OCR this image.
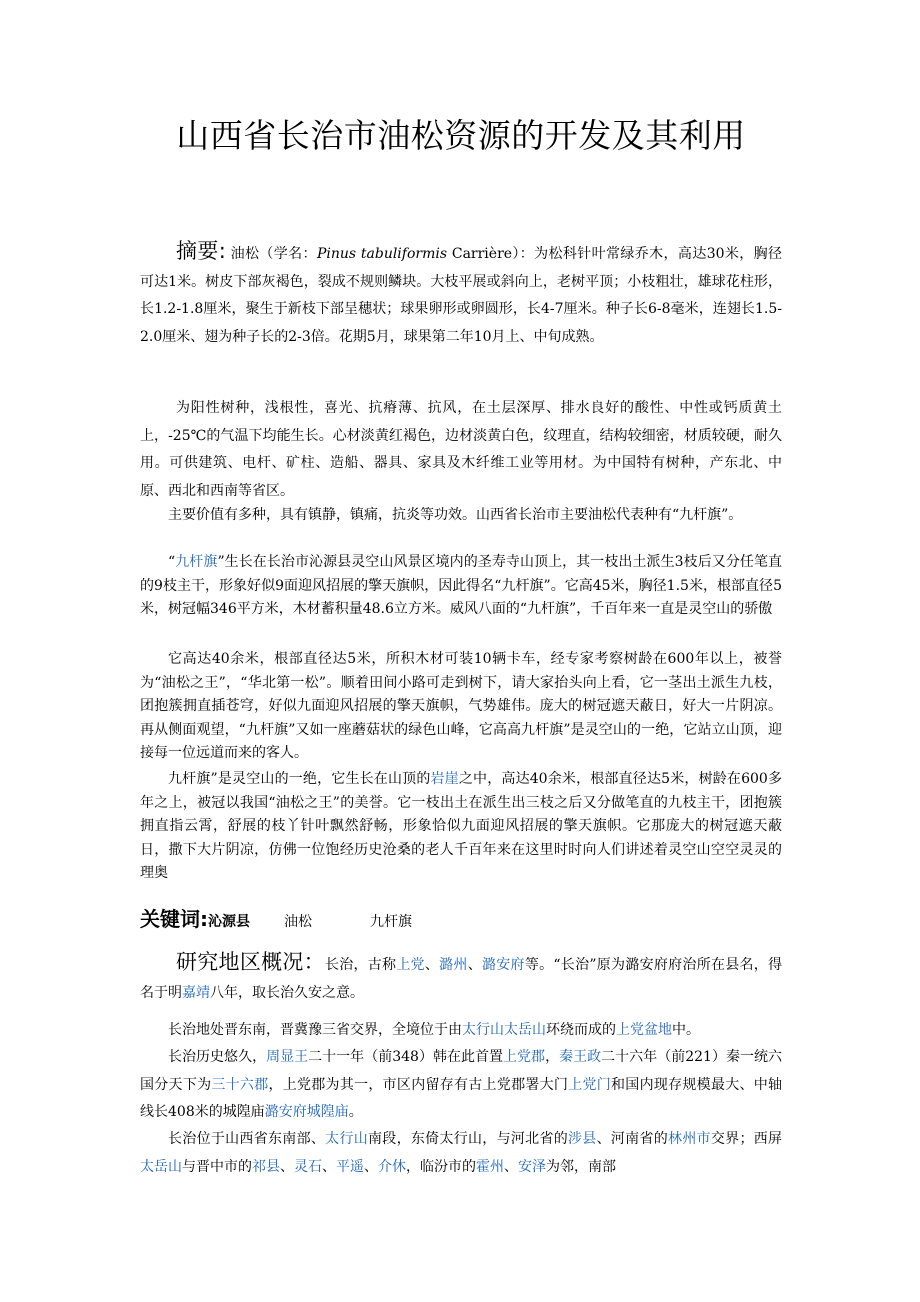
山西省长治市油松资源的开发及其利用

摘要: 油松（学名：Pinus tabuliformis Carrière）：为松科针叶常绿乔木，高达30米，胸径可达1米。树皮下部灰褐色，裂成不规则鳞块。大枝平展或斜向上，老树平顶；小枝粗壮，雄球花柱形，长1.2-1.8厘米，聚生于新枝下部呈穗状；球果卵形或卵圆形，长4-7厘米。种子长6-8毫米，连翅长1.5-2.0厘米、翅为种子长的2-3倍。花期5月，球果第二年10月上、中旬成熟。

为阳性树种，浅根性，喜光、抗瘠薄、抗风，在土层深厚、排水良好的酸性、中性或钙质黄土上，-25℃的气温下均能生长。心材淡黄红褐色，边材淡黄白色，纹理直，结构较细密，材质较硬，耐久用。可供建筑、电杆、矿柱、造船、器具、家具及木纤维工业等用材。为中国特有树种，产东北、中原、西北和西南等省区。

主要价值有多种，具有镇静，镇痛，抗炎等功效。山西省长治市主要油松代表种有“九杆旗”。

“九杆旗”生长在长治市沁源县灵空山风景区境内的圣寿寺山顶上，其一枝出土派生3枝后又分任笔直的9枝主干，形象好似9面迎风招展的擎天旗帜，因此得名“九杆旗”。它高45米，胸径1.5米，根部直径5米，树冠幅346平方米，木材蓄积量48.6立方米。威风八面的“九杆旗”，千百年来一直是灵空山的骄傲

它高达40余米，根部直径达5米，所积木材可装10辆卡车，经专家考察树龄在600年以上，被誉为“油松之王”，“华北第一松”。顺着田间小路可走到树下，请大家抬头向上看，它一茎出土派生九枝，团抱簇拥直插苍穹，好似九面迎风招展的擎天旗帜，气势雄伟。庞大的树冠遮天蔽日，好大一片阴凉。再从侧面观望，“九杆旗”又如一座蘑菇状的绿色山峰，它高高九杆旗”是灵空山的一绝，它站立山顶，迎接每一位远道而来的客人。

九杆旗”是灵空山的一绝，它生长在山顶的岩崖之中，高达40余米，根部直径达5米，树龄在600多年之上，被冠以我国“油松之王”的美誉。它一枝出土在派生出三枝之后又分做笔直的九枝主干，团抱簇拥直指云霄，舒展的枝丫针叶飘然舒畅，形象恰似九面迎风招展的擎天旗帜。它那庞大的树冠遮天蔽日，撒下大片阴凉，仿佛一位饱经历史沧桑的老人千百年来在这里时时向人们讲述着灵空山空空灵灵的理奥

关键词:沁源县 油松	九杆旗

研究地区概况：长治，古称上党、潞州、潞安府等。“长治”原为潞安府府治所在县名，得名于明嘉靖八年，取长治久安之意。

长治地处晋东南，晋冀豫三省交界，全境位于由太行山太岳山环绕而成的上党盆地中。

长治历史悠久，周显王二十一年（前348）韩在此首置上党郡，秦王政二十六年（前221）秦一统六国分天下为三十六郡，上党郡为其一，市区内留存有古上党郡署大门上党门和国内现存规模最大、中轴线长408米的城隍庙潞安府城隍庙。

长治位于山西省东南部、太行山南段，东倚太行山，与河北省的涉县、河南省的林州市交界；西屏太岳山与晋中市的祁县、灵石、平遥、介休，临汾市的霍州、安泽为邻，南部
